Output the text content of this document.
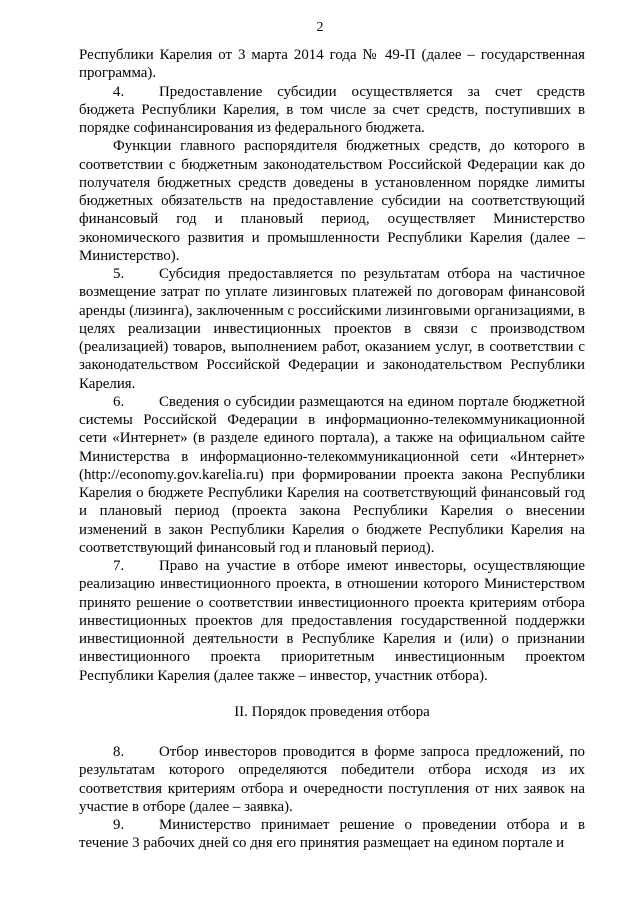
2

Республики Карелия от 3 марта 2014 года № 49-П (далее – государственная программа).

4. Предоставление субсидии осуществляется за счет средств бюджета Республики Карелия, в том числе за счет средств, поступивших в порядке софинансирования из федерального бюджета.

Функции главного распорядителя бюджетных средств, до которого в соответствии с бюджетным законодательством Российской Федерации как до получателя бюджетных средств доведены в установленном порядке лимиты бюджетных обязательств на предоставление субсидии на соответствующий финансовый год и плановый период, осуществляет Министерство экономического развития и промышленности Республики Карелия (далее – Министерство).

5. Субсидия предоставляется по результатам отбора на частичное возмещение затрат по уплате лизинговых платежей по договорам финансовой аренды (лизинга), заключенным с российскими лизинговыми организациями, в целях реализации инвестиционных проектов в связи с производством (реализацией) товаров, выполнением работ, оказанием услуг, в соответствии с законодательством Российской Федерации и законодательством Республики Карелия.

6. Сведения о субсидии размещаются на едином портале бюджетной системы Российской Федерации в информационно-телекоммуникационной сети «Интернет» (в разделе единого портала), а также на официальном сайте Министерства в информационно-телекоммуникационной сети «Интернет» (http://economy.gov.karelia.ru) при формировании проекта закона Республики Карелия о бюджете Республики Карелия на соответствующий финансовый год и плановый период (проекта закона Республики Карелия о внесении изменений в закон Республики Карелия о бюджете Республики Карелия на соответствующий финансовый год и плановый период).

7. Право на участие в отборе имеют инвесторы, осуществляющие реализацию инвестиционного проекта, в отношении которого Министерством принято решение о соответствии инвестиционного проекта критериям отбора инвестиционных проектов для предоставления государственной поддержки инвестиционной деятельности в Республике Карелия и (или) о признании инвестиционного проекта приоритетным инвестиционным проектом Республики Карелия (далее также – инвестор, участник отбора).

II. Порядок проведения отбора

8. Отбор инвесторов проводится в форме запроса предложений, по результатам которого определяются победители отбора исходя из их соответствия критериям отбора и очередности поступления от них заявок на участие в отборе (далее – заявка).

9. Министерство принимает решение о проведении отбора и в течение 3 рабочих дней со дня его принятия размещает на едином портале и
